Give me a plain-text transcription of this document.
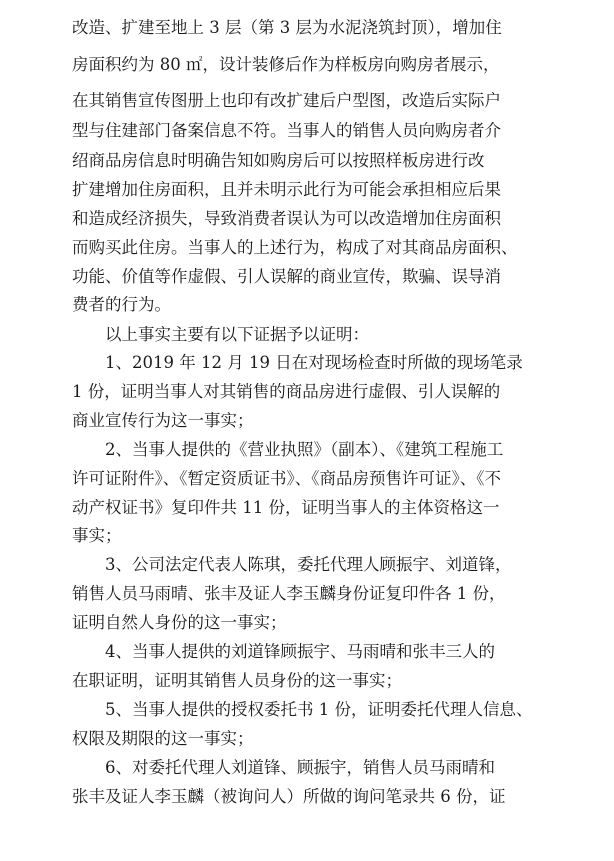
改造、扩建至地上 3 层（第 3 层为水泥浇筑封顶），增加住
房面积约为 80 ㎡，设计装修后作为样板房向购房者展示，
在其销售宣传图册上也印有改扩建后户型图，改造后实际户
型与住建部门备案信息不符。当事人的销售人员向购房者介
绍商品房信息时明确告知如购房后可以按照样板房进行改
扩建增加住房面积，且并未明示此行为可能会承担相应后果
和造成经济损失，导致消费者误认为可以改造增加住房面积
而购买此住房。当事人的上述行为，构成了对其商品房面积、
功能、价值等作虚假、引人误解的商业宣传，欺骗、误导消
费者的行为。
以上事实主要有以下证据予以证明：
1、2019 年 12 月 19 日在对现场检查时所做的现场笔录
1 份，证明当事人对其销售的商品房进行虚假、引人误解的
商业宣传行为这一事实；
2、当事人提供的《营业执照》（副本）、《建筑工程施工
许可证附件》、《暂定资质证书》、《商品房预售许可证》、《不
动产权证书》复印件共 11 份，证明当事人的主体资格这一
事实；
3、公司法定代表人陈琪，委托代理人顾振宇、刘道锋，
销售人员马雨晴、张丰及证人李玉麟身份证复印件各 1 份，
证明自然人身份的这一事实；
4、当事人提供的刘道锋顾振宇、马雨晴和张丰三人的
在职证明，证明其销售人员身份的这一事实；
5、当事人提供的授权委托书 1 份，证明委托代理人信息、
权限及期限的这一事实；
6、对委托代理人刘道锋、顾振宇，销售人员马雨晴和
张丰及证人李玉麟（被询问人）所做的询问笔录共 6 份，证
